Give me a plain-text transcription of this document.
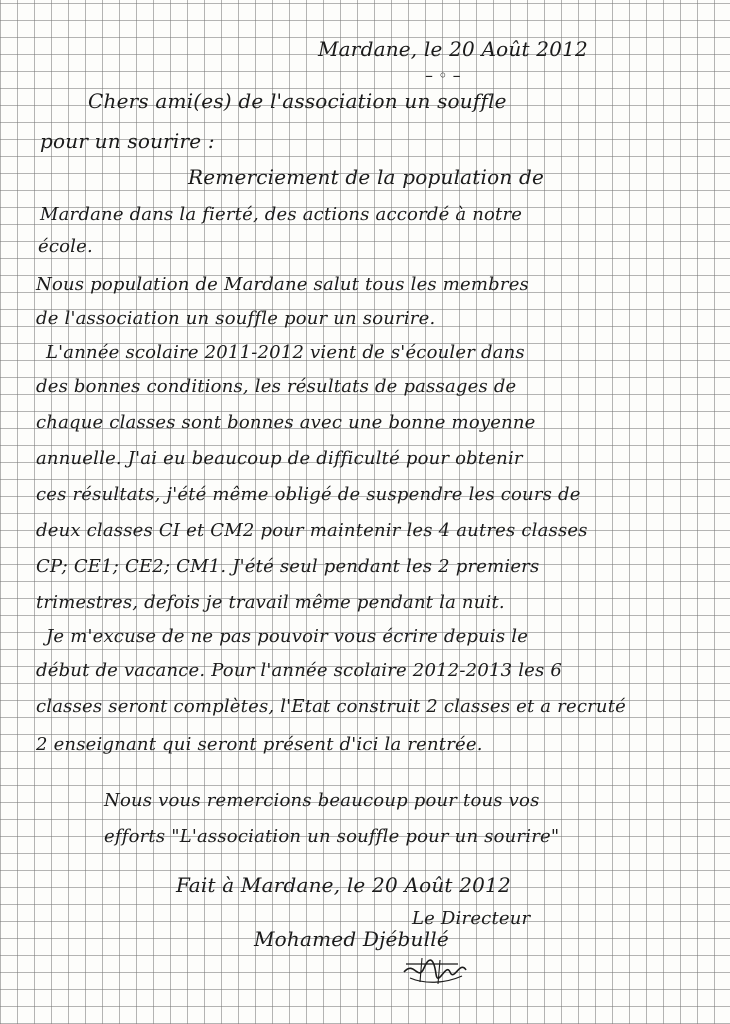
Mardane, le 20 Août 2012

– ◦ –

Chers ami(es) de l'association un souffle

pour un sourire :

Remerciement de la population de

Mardane dans la fierté, des actions accordé à notre

école.

Nous population de Mardane salut tous les membres

de l'association un souffle pour un sourire.

L'année scolaire 2011-2012 vient de s'écouler dans

des bonnes conditions, les résultats de passages de

chaque classes sont bonnes avec une bonne moyenne

annuelle. J'ai eu beaucoup de difficulté pour obtenir

ces résultats, j'été même obligé de suspendre les cours de

deux classes CI et CM2 pour maintenir les 4 autres classes

CP; CE1; CE2; CM1. J'été seul pendant les 2 premiers

trimestres, defois je travail même pendant la nuit.

Je m'excuse de ne pas pouvoir vous écrire depuis le

début de vacance. Pour l'année scolaire 2012-2013 les 6

classes seront complètes, l'Etat construit 2 classes et a recruté

2 enseignant qui seront présent d'ici la rentrée.

Nous vous remercions beaucoup pour tous vos

efforts "L'association un souffle pour un sourire"

Fait à Mardane, le 20 Août 2012

Le Directeur

Mohamed Djébullé
